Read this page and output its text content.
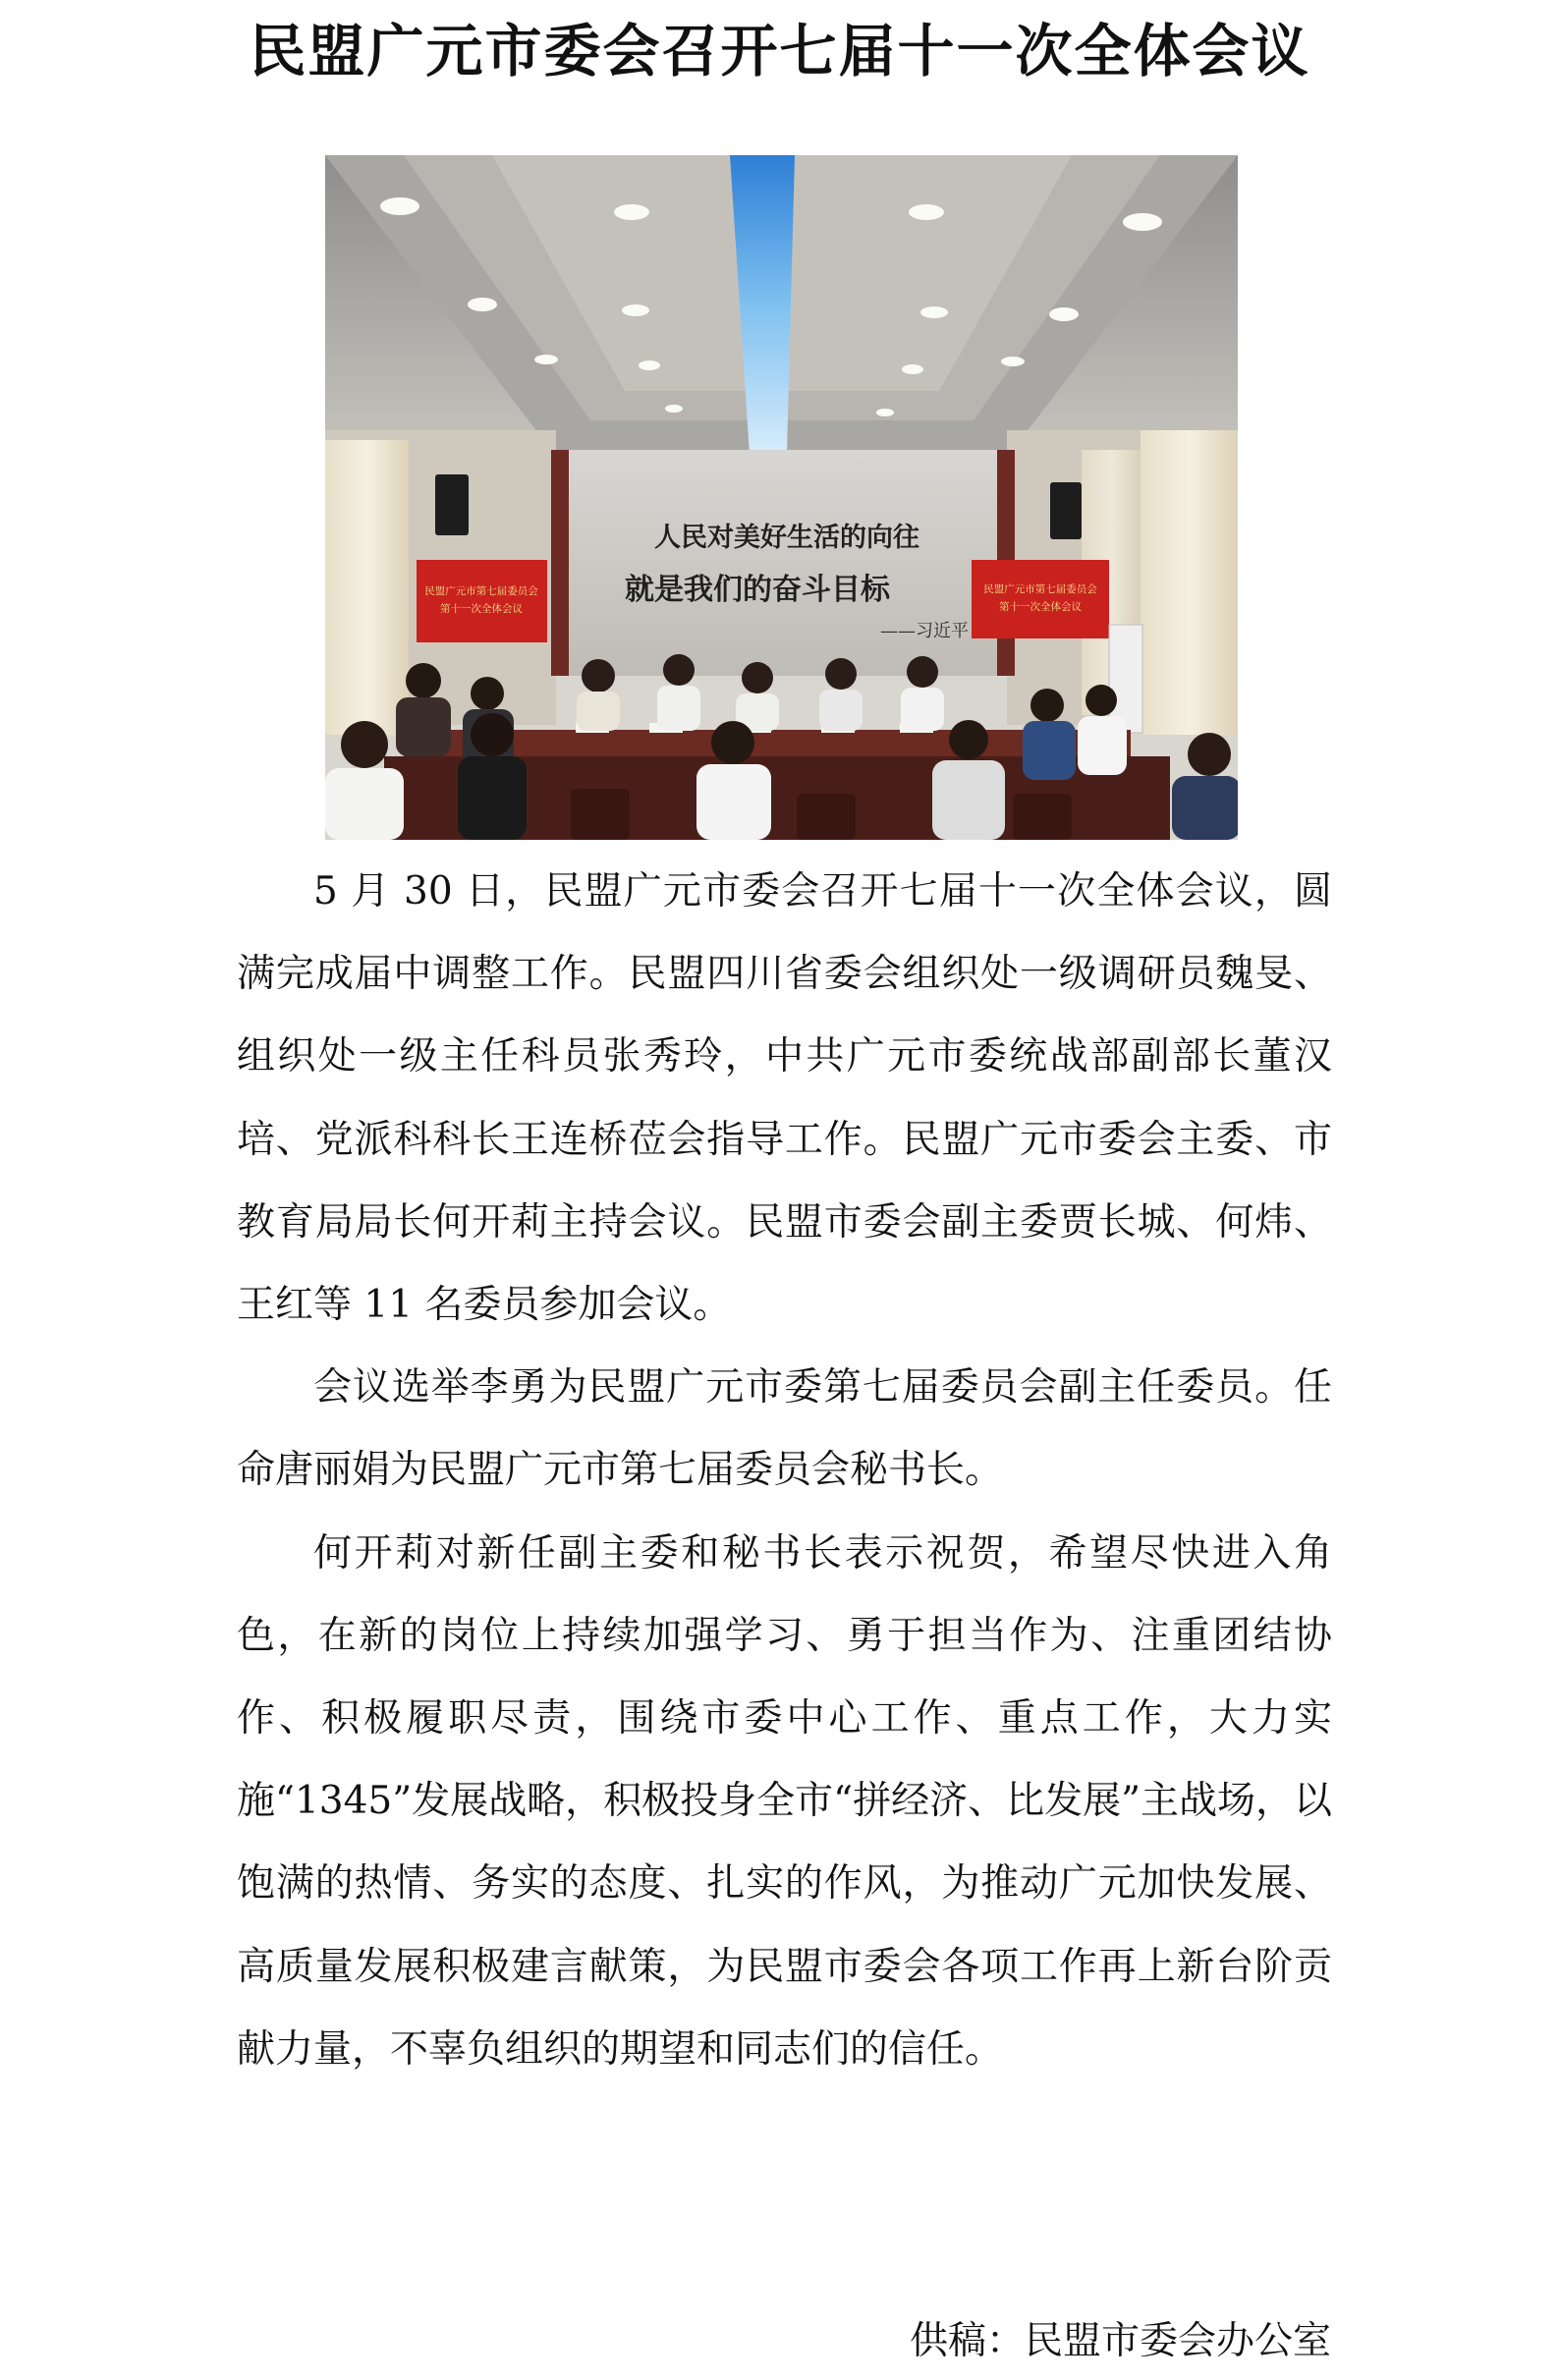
民盟广元市委会召开七届十一次全体会议
人民对美好生活的向往
就是我们的奋斗目标
——习近平
民盟广元市第七届委员会
第十一次全体会议
民盟广元市第七届委员会
第十一次全体会议

5 月 30 日，民盟广元市委会召开七届十一次全体会议，圆满完成届中调整工作。民盟四川省委会组织处一级调研员魏旻、组织处一级主任科员张秀玲，中共广元市委统战部副部长董汉培、党派科科长王连桥莅会指导工作。民盟广元市委会主委、市教育局局长何开莉主持会议。民盟市委会副主委贾长城、何炜、王红等 11 名委员参加会议。

会议选举李勇为民盟广元市委第七届委员会副主任委员。任命唐丽娟为民盟广元市第七届委员会秘书长。

何开莉对新任副主委和秘书长表示祝贺，希望尽快进入角色，在新的岗位上持续加强学习、勇于担当作为、注重团结协作、积极履职尽责，围绕市委中心工作、重点工作，大力实施“1345”发展战略，积极投身全市“拼经济、比发展”主战场，以饱满的热情、务实的态度、扎实的作风，为推动广元加快发展、高质量发展积极建言献策，为民盟市委会各项工作再上新台阶贡献力量，不辜负组织的期望和同志们的信任。

供稿：民盟市委会办公室
